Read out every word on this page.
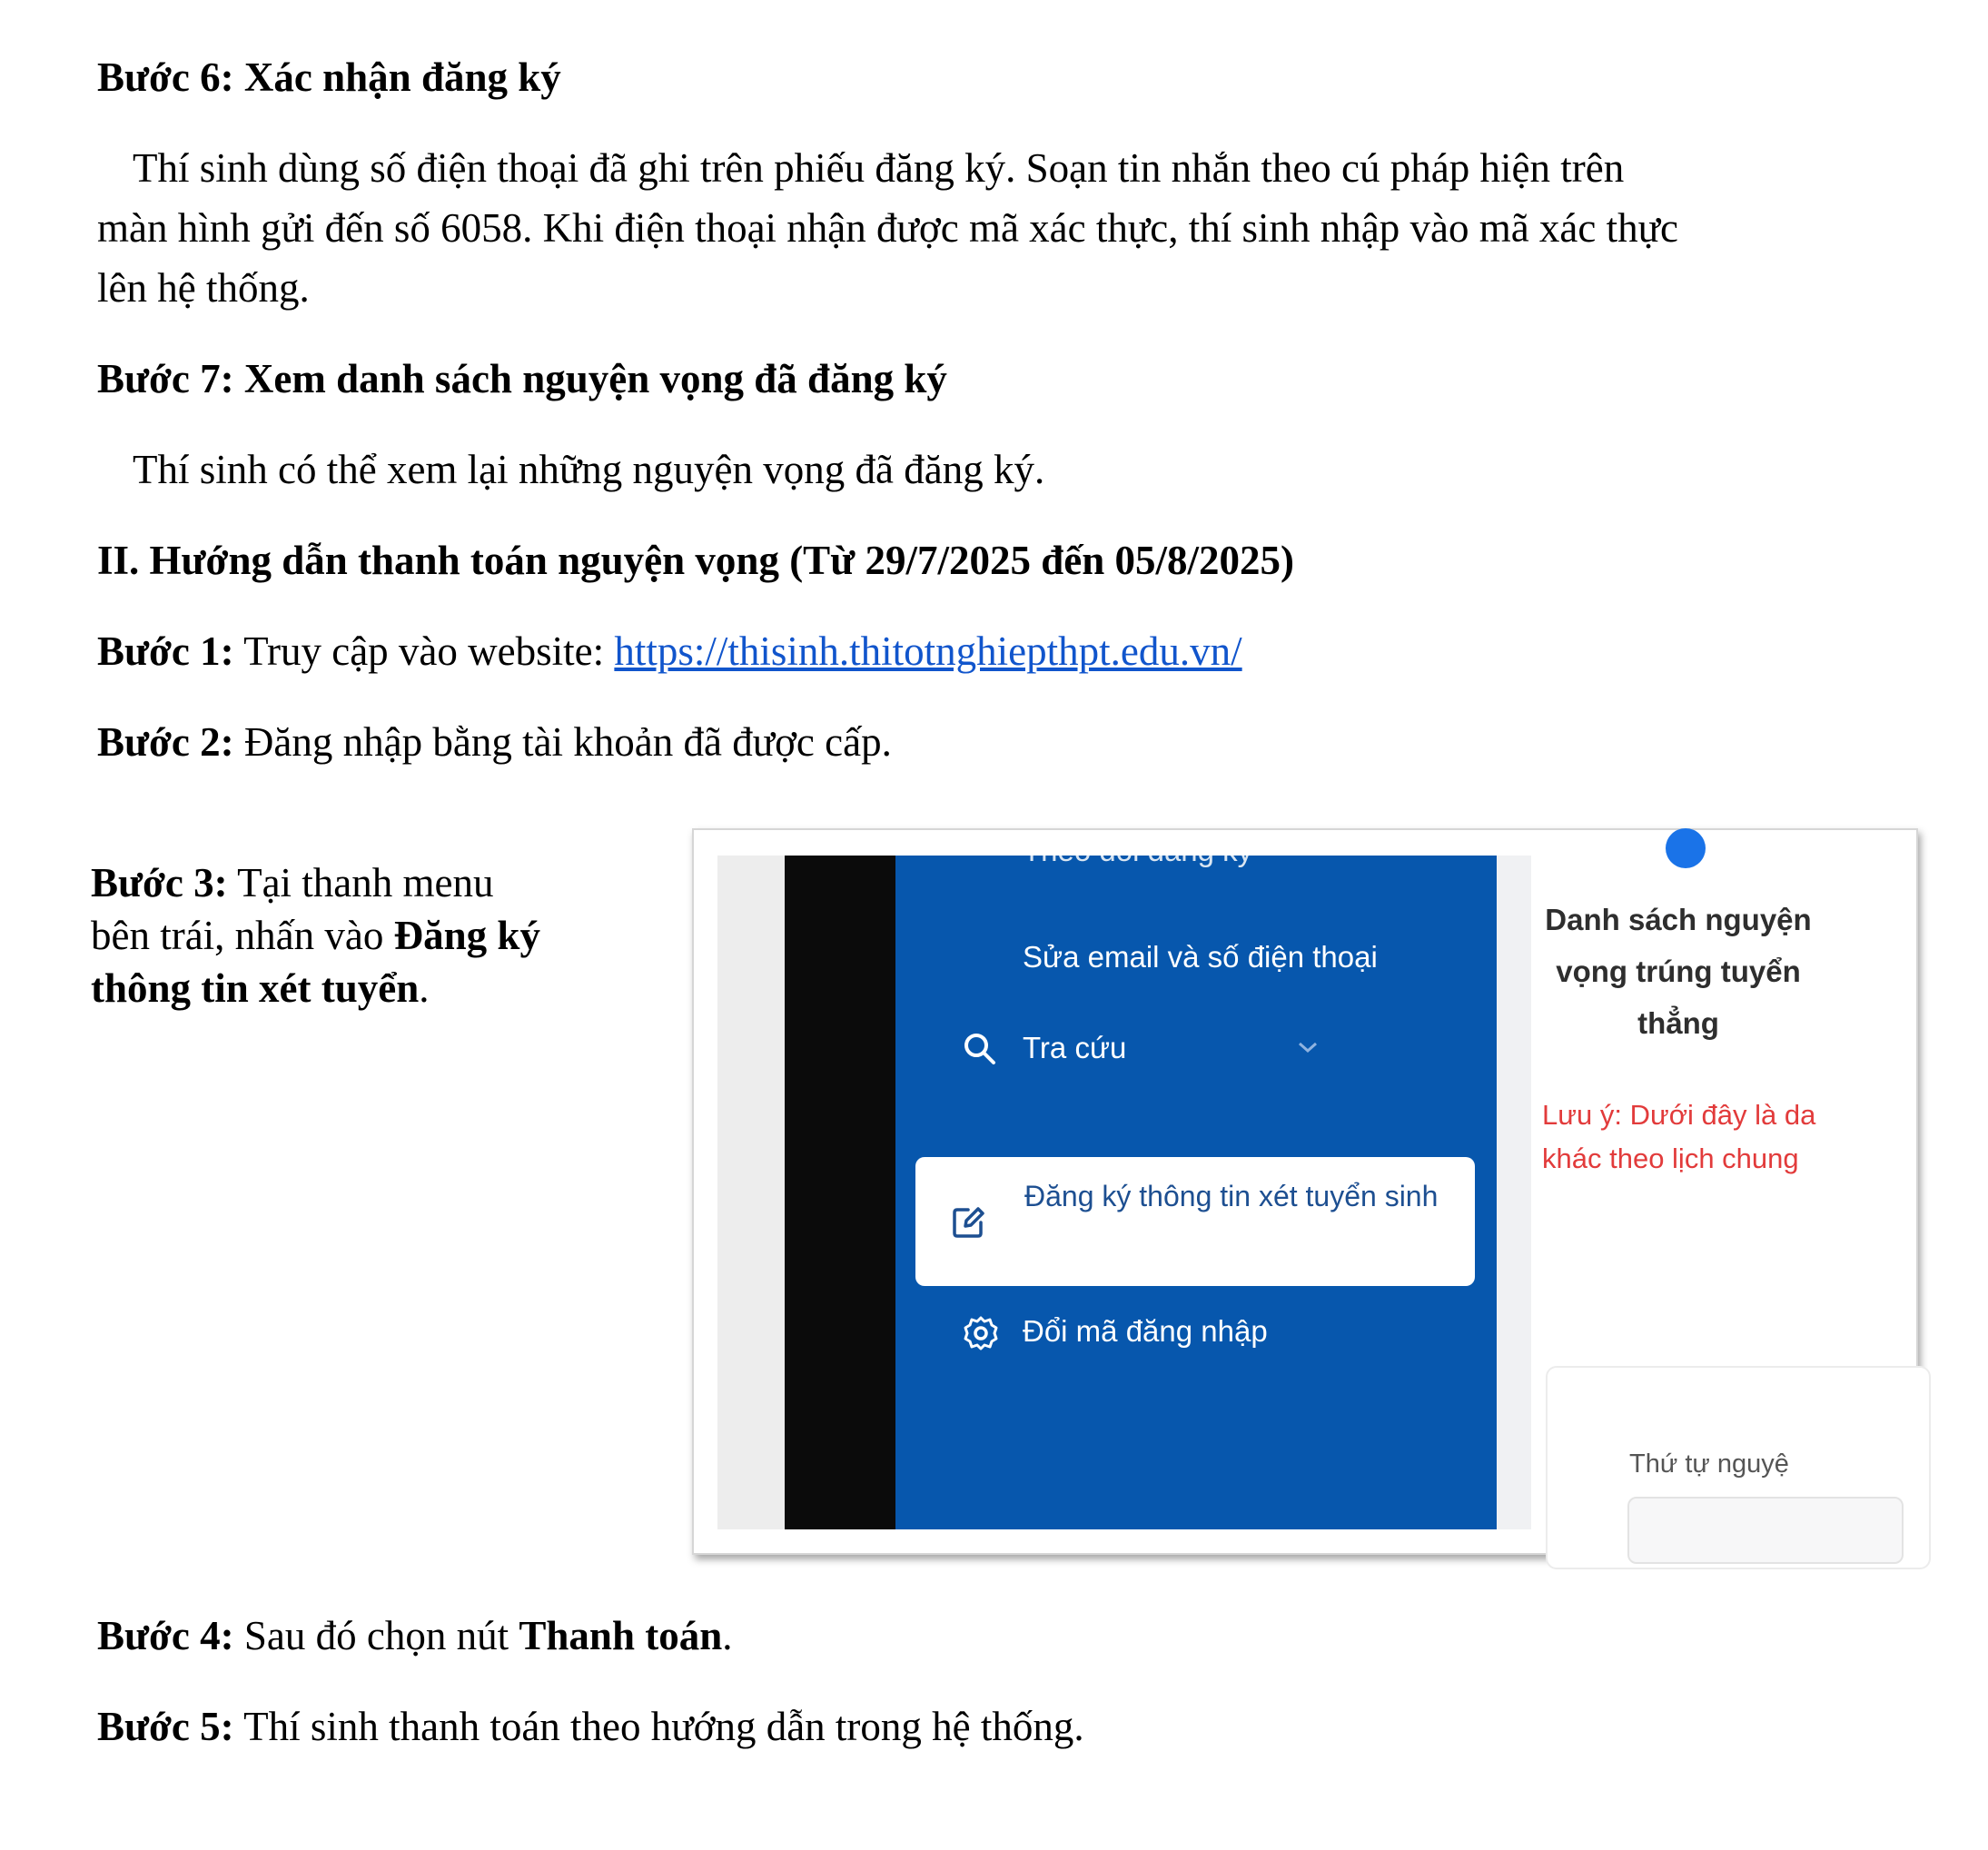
Bước 6: Xác nhận đăng ký
Thí sinh dùng số điện thoại đã ghi trên phiếu đăng ký. Soạn tin nhắn theo cú pháp hiện trên
màn hình gửi đến số 6058. Khi điện thoại nhận được mã xác thực, thí sinh nhập vào mã xác thực
lên hệ thống.
Bước 7: Xem danh sách nguyện vọng đã đăng ký
Thí sinh có thể xem lại những nguyện vọng đã đăng ký.
II. Hướng dẫn thanh toán nguyện vọng (Từ 29/7/2025 đến 05/8/2025)
Bước 1: Truy cập vào website: https://thisinh.thitotnghiepthpt.edu.vn/
Bước 2: Đăng nhập bằng tài khoản đã được cấp.
Bước 3: Tại thanh menu
bên trái, nhấn vào Đăng ký
thông tin xét tuyển.
Theo dõi đăng ký
Sửa email và số điện thoại
Tra cứu
Đăng ký thông tin xét tuyển sinh
Đổi mã đăng nhập
Danh sách nguyện vọng trúng tuyển thẳng
Lưu ý: Dưới đây là da
khác theo lịch chung
Thứ tự nguyệ
Bước 4: Sau đó chọn nút Thanh toán.
Bước 5: Thí sinh thanh toán theo hướng dẫn trong hệ thống.
